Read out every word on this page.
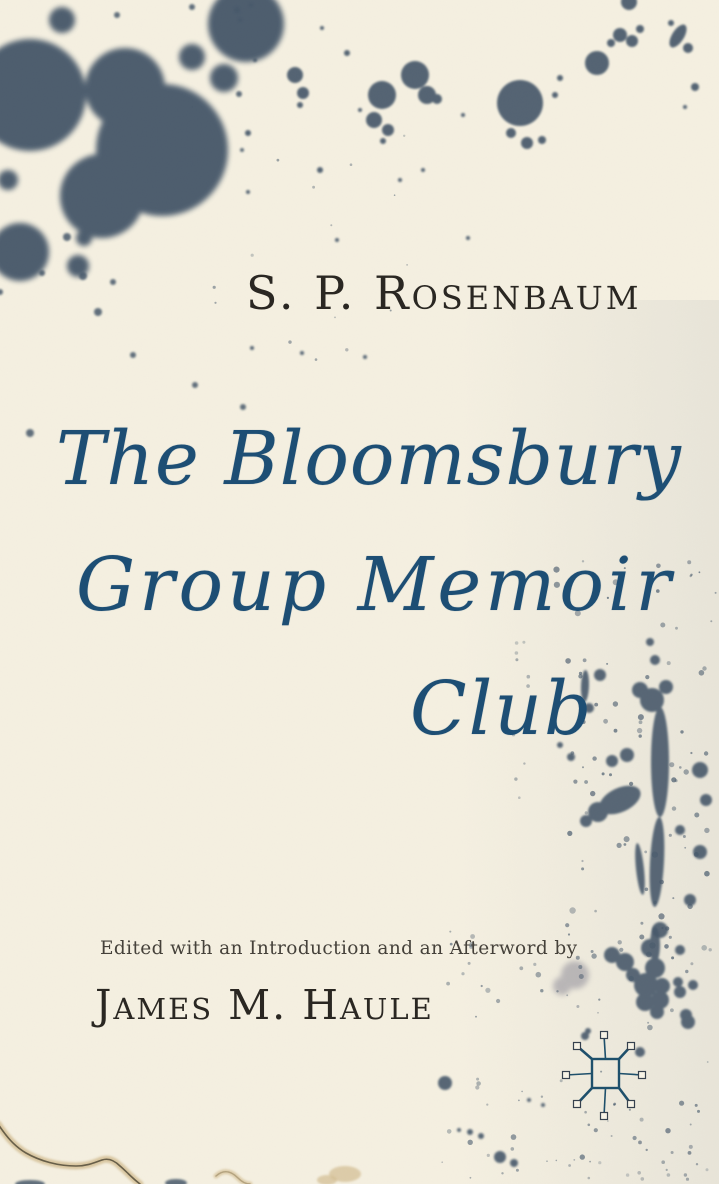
S. P. Rosenbaum
The Bloomsbury
Group Memoir
Club
Edited with an Introduction and an Afterword by
James M. Haule
